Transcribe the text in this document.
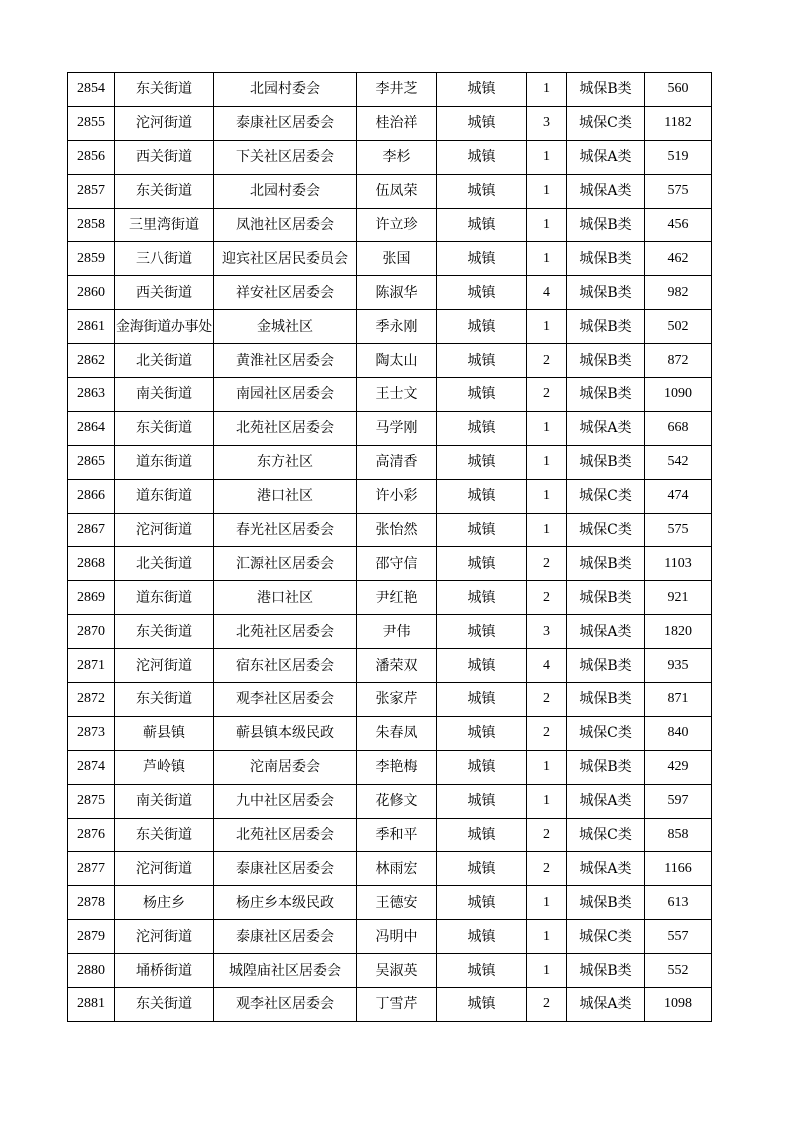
2854	东关街道	北园村委会	李井芝	城镇	1	城保B类	560
2855	沱河街道	泰康社区居委会	桂治祥	城镇	3	城保C类	1182
2856	西关街道	下关社区居委会	李杉	城镇	1	城保A类	519
2857	东关街道	北园村委会	伍凤荣	城镇	1	城保A类	575
2858	三里湾街道	凤池社区居委会	许立珍	城镇	1	城保B类	456
2859	三八街道	迎宾社区居民委员会	张国	城镇	1	城保B类	462
2860	西关街道	祥安社区居委会	陈淑华	城镇	4	城保B类	982
2861	金海街道办事处	金城社区	季永刚	城镇	1	城保B类	502
2862	北关街道	黄淮社区居委会	陶太山	城镇	2	城保B类	872
2863	南关街道	南园社区居委会	王士文	城镇	2	城保B类	1090
2864	东关街道	北苑社区居委会	马学刚	城镇	1	城保A类	668
2865	道东街道	东方社区	高清香	城镇	1	城保B类	542
2866	道东街道	港口社区	许小彩	城镇	1	城保C类	474
2867	沱河街道	春光社区居委会	张怡然	城镇	1	城保C类	575
2868	北关街道	汇源社区居委会	邵守信	城镇	2	城保B类	1103
2869	道东街道	港口社区	尹红艳	城镇	2	城保B类	921
2870	东关街道	北苑社区居委会	尹伟	城镇	3	城保A类	1820
2871	沱河街道	宿东社区居委会	潘荣双	城镇	4	城保B类	935
2872	东关街道	观李社区居委会	张家芹	城镇	2	城保B类	871
2873	蕲县镇	蕲县镇本级民政	朱春凤	城镇	2	城保C类	840
2874	芦岭镇	沱南居委会	李艳梅	城镇	1	城保B类	429
2875	南关街道	九中社区居委会	花修文	城镇	1	城保A类	597
2876	东关街道	北苑社区居委会	季和平	城镇	2	城保C类	858
2877	沱河街道	泰康社区居委会	林雨宏	城镇	2	城保A类	1166
2878	杨庄乡	杨庄乡本级民政	王德安	城镇	1	城保B类	613
2879	沱河街道	泰康社区居委会	冯明中	城镇	1	城保C类	557
2880	埇桥街道	城隍庙社区居委会	吴淑英	城镇	1	城保B类	552
2881	东关街道	观李社区居委会	丁雪芹	城镇	2	城保A类	1098
